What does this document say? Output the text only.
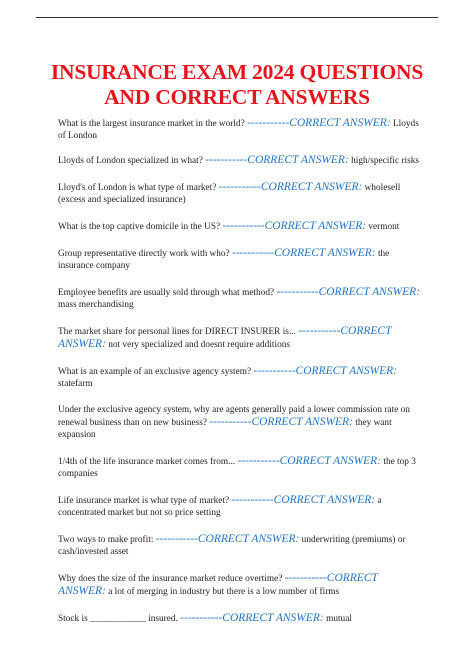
INSURANCE EXAM 2024 QUESTIONS
AND CORRECT ANSWERS
What is the largest insurance market in the world? -----------CORRECT ANSWER: Lloyds of London
Lloyds of London specialized in what? -----------CORRECT ANSWER: high/specific risks
Lloyd's of London is what type of market? -----------CORRECT ANSWER: wholesell (excess and specialized insurance)
What is the top captive domicile in the US? -----------CORRECT ANSWER: vermont
Group representative directly work with who? -----------CORRECT ANSWER: the insurance company
Employee benefits are usually sold through what method? -----------CORRECT ANSWER: mass merchandising
The market share for personal lines for DIRECT INSURER is... -----------CORRECT ANSWER: not very specialized and doesnt require additions
What is an example of an exclusive agency system? -----------CORRECT ANSWER: statefarm
Under the exclusive agency system, why are agents generally paid a lower commission rate on renewal business than on new business? -----------CORRECT ANSWER: they want expansion
1/4th of the life insurance market comes from... -----------CORRECT ANSWER: the top 3 companies
Life insurance market is what type of market? -----------CORRECT ANSWER: a concentrated market but not so price setting
Two ways to make profit: -----------CORRECT ANSWER: underwriting (premiums) or cash/invested asset
Why does the size of the insurance market reduce overtime? -----------CORRECT ANSWER: a lot of merging in industry but there is a low number of firms
Stock is ____________ insured. -----------CORRECT ANSWER: mutual
